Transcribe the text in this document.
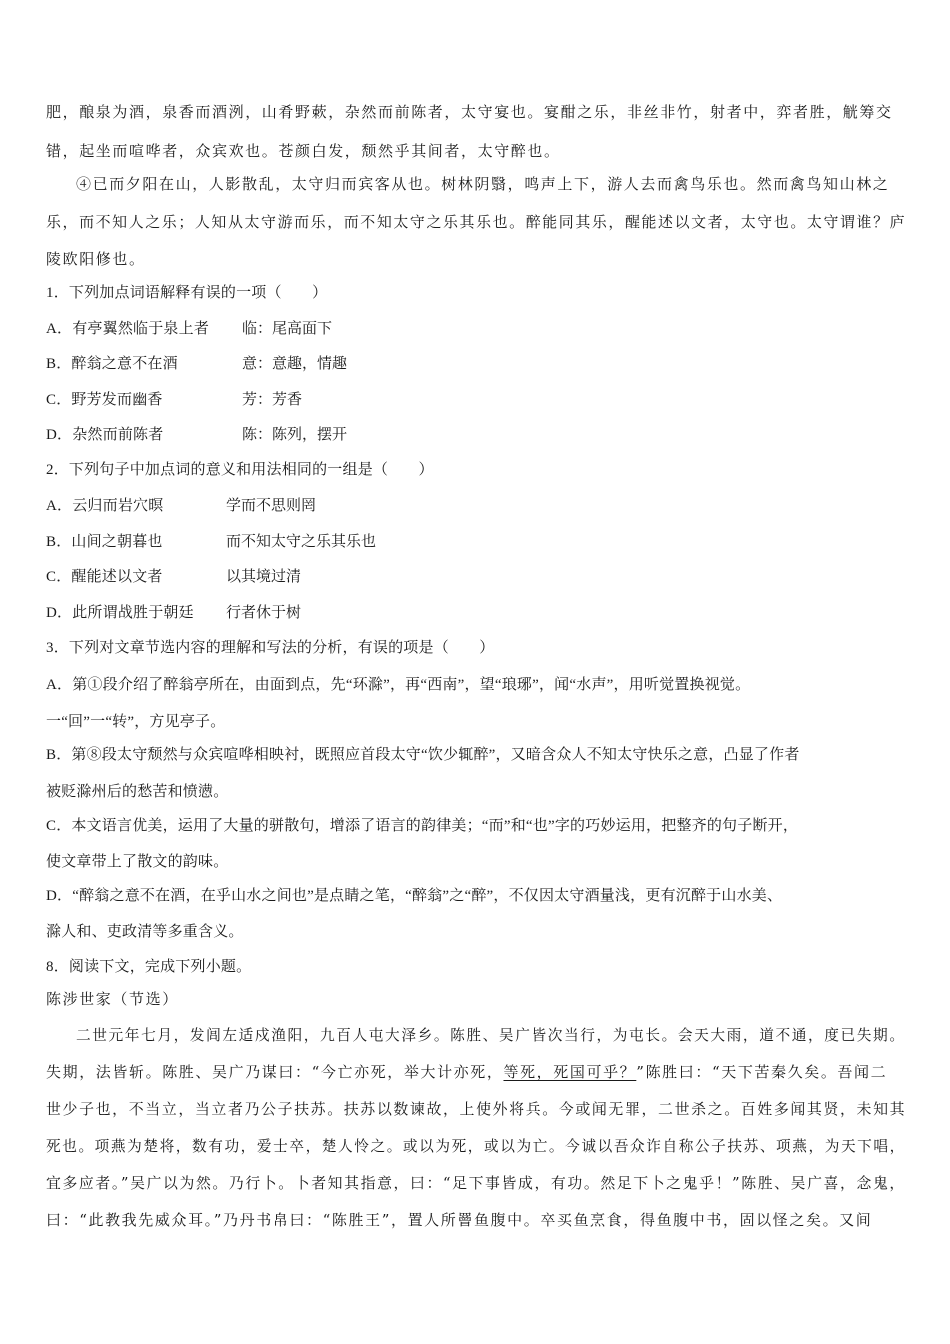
肥，酿泉为酒，泉香而酒洌，山肴野蔌，杂然而前陈者，太守宴也。宴酣之乐，非丝非竹，射者中，弈者胜，觥筹交
错，起坐而喧哗者，众宾欢也。苍颜白发，颓然乎其间者，太守醉也。
④已而夕阳在山，人影散乱，太守归而宾客从也。树林阴翳，鸣声上下，游人去而禽鸟乐也。然而禽鸟知山林之
乐，而不知人之乐；人知从太守游而乐，而不知太守之乐其乐也。醉能同其乐，醒能述以文者，太守也。太守谓谁？庐
陵欧阳修也。
1．下列加点词语解释有误的一项（　　）
A．有亭翼然临于泉上者 临：尾高面下
B．醉翁之意不在酒	意：意趣，情趣
C．野芳发而幽香	芳：芳香
D．杂然而前陈者	陈：陈列，摆开
2．下列句子中加点词的意义和用法相同的一组是（　　）
A．云归而岩穴暝	学而不思则罔
B．山间之朝暮也	而不知太守之乐其乐也
C．醒能述以文者	以其境过清
D．此所谓战胜于朝廷 行者休于树
3．下列对文章节选内容的理解和写法的分析，有误的项是（　　）
A．第①段介绍了醉翁亭所在，由面到点，先“环滁”，再“西南”，望“琅琊”，闻“水声”，用听觉置换视觉。
一“回”一“转”，方见亭子。
B．第⑧段太守颓然与众宾喧哗相映衬，既照应首段太守“饮少辄醉”，又暗含众人不知太守快乐之意，凸显了作者
被贬滁州后的愁苦和愤懑。
C．本文语言优美，运用了大量的骈散句，增添了语言的韵律美；“而”和“也”字的巧妙运用，把整齐的句子断开，
使文章带上了散文的韵味。
D．“醉翁之意不在酒，在乎山水之间也”是点睛之笔，“醉翁”之“醉”，不仅因太守酒量浅，更有沉醉于山水美、
滁人和、吏政清等多重含义。
8．阅读下文，完成下列小题。
陈涉世家（节选）
二世元年七月，发闾左适戍渔阳，九百人屯大泽乡。陈胜、吴广皆次当行，为屯长。会天大雨，道不通，度已失期。
失期，法皆斩。陈胜、吴广乃谋曰：“今亡亦死，举大计亦死，等死，死国可乎？”陈胜曰：“天下苦秦久矣。吾闻二
世少子也，不当立，当立者乃公子扶苏。扶苏以数谏故，上使外将兵。今或闻无罪，二世杀之。百姓多闻其贤，未知其
死也。项燕为楚将，数有功，爱士卒，楚人怜之。或以为死，或以为亡。今诚以吾众诈自称公子扶苏、项燕，为天下唱，
宜多应者。”吴广以为然。乃行卜。卜者知其指意，曰：“足下事皆成，有功。然足下卜之鬼乎！”陈胜、吴广喜，念鬼，
曰：“此教我先威众耳。”乃丹书帛曰：“陈胜王”，置人所罾鱼腹中。卒买鱼烹食，得鱼腹中书，固以怪之矣。又间
